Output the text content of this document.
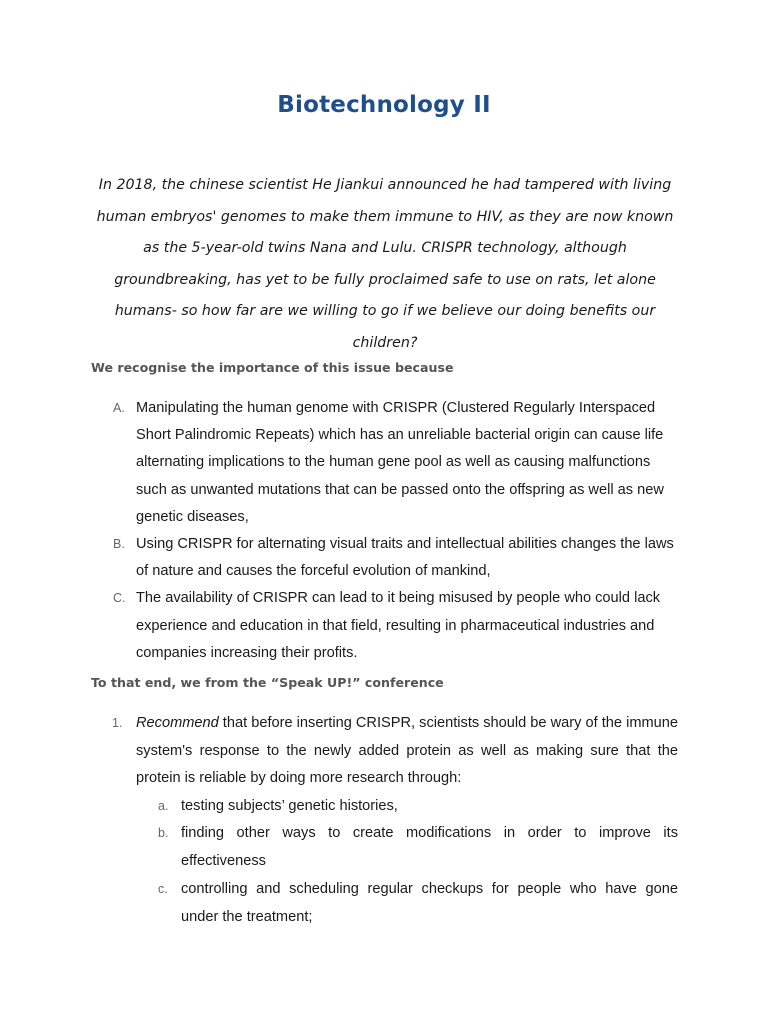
Biotechnology II
In 2018, the chinese scientist He Jiankui announced he had tampered with living human embryos' genomes to make them immune to HIV, as they are now known as the 5-year-old twins Nana and Lulu. CRISPR technology, although groundbreaking, has yet to be fully proclaimed safe to use on rats, let alone humans- so how far are we willing to go if we believe our doing benefits our children?
We recognise the importance of this issue because
A. Manipulating the human genome with CRISPR (Clustered Regularly Interspaced Short Palindromic Repeats) which has an unreliable bacterial origin can cause life alternating implications to the human gene pool as well as causing malfunctions such as unwanted mutations that can be passed onto the offspring as well as new genetic diseases,
B. Using CRISPR for alternating visual traits and intellectual abilities changes the laws of nature and causes the forceful evolution of mankind,
C. The availability of CRISPR can lead to it being misused by people who could lack experience and education in that field, resulting in pharmaceutical industries and companies increasing their profits.
To that end, we from the “Speak UP!” conference
1. Recommend that before inserting CRISPR, scientists should be wary of the immune system's response to the newly added protein as well as making sure that the protein is reliable by doing more research through:
a. testing subjects’ genetic histories,
b. finding other ways to create modifications in order to improve its effectiveness
c. controlling and scheduling regular checkups for people who have gone under the treatment;
